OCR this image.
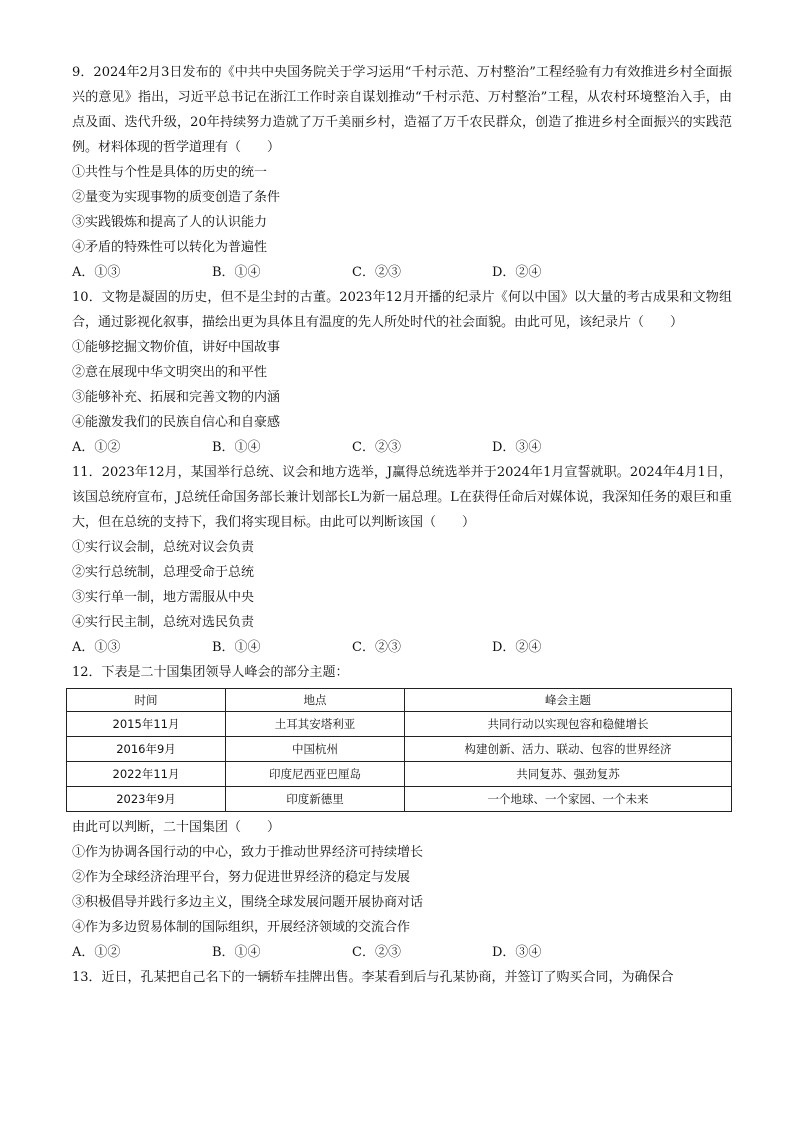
9．2024年2月3日发布的《中共中央国务院关于学习运用“千村示范、万村整治”工程经验有力有效推进乡村全面振兴的意见》指出，习近平总书记在浙江工作时亲自谋划推动“千村示范、万村整治”工程，从农村环境整治入手，由点及面、迭代升级，20年持续努力造就了万千美丽乡村，造福了万千农民群众，创造了推进乡村全面振兴的实践范例。材料体现的哲学道理有（　　）
①共性与个性是具体的历史的统一
②量变为实现事物的质变创造了条件
③实践锻炼和提高了人的认识能力
④矛盾的特殊性可以转化为普遍性
A．①③	B．①④	C．②③	D．②④
10．文物是凝固的历史，但不是尘封的古董。2023年12月开播的纪录片《何以中国》以大量的考古成果和文物组合，通过影视化叙事，描绘出更为具体且有温度的先人所处时代的社会面貌。由此可见，该纪录片（　　）
①能够挖掘文物价值，讲好中国故事
②意在展现中华文明突出的和平性
③能够补充、拓展和完善文物的内涵
④能激发我们的民族自信心和自豪感
A．①②	B．①④	C．②③	D．③④
11．2023年12月，某国举行总统、议会和地方选举，J赢得总统选举并于2024年1月宣誓就职。2024年4月1日，该国总统府宣布，J总统任命国务部长兼计划部长L为新一届总理。L在获得任命后对媒体说，我深知任务的艰巨和重大，但在总统的支持下，我们将实现目标。由此可以判断该国（　　）
①实行议会制，总统对议会负责
②实行总统制，总理受命于总统
③实行单一制，地方需服从中央
④实行民主制，总统对选民负责
A．①③	B．①④	C．②③	D．②④
12．下表是二十国集团领导人峰会的部分主题：
时间	地点	峰会主题
2015年11月	土耳其安塔利亚	共同行动以实现包容和稳健增长
2016年9月	中国杭州	构建创新、活力、联动、包容的世界经济
2022年11月	印度尼西亚巴厘岛	共同复苏、强劲复苏
2023年9月	印度新德里	一个地球、一个家园、一个未来
由此可以判断，二十国集团（　　）
①作为协调各国行动的中心，致力于推动世界经济可持续增长
②作为全球经济治理平台，努力促进世界经济的稳定与发展
③积极倡导并践行多边主义，围绕全球发展问题开展协商对话
④作为多边贸易体制的国际组织，开展经济领域的交流合作
A．①②	B．①④	C．②③	D．③④
13．近日，孔某把自己名下的一辆轿车挂牌出售。李某看到后与孔某协商，并签订了购买合同，为确保合
